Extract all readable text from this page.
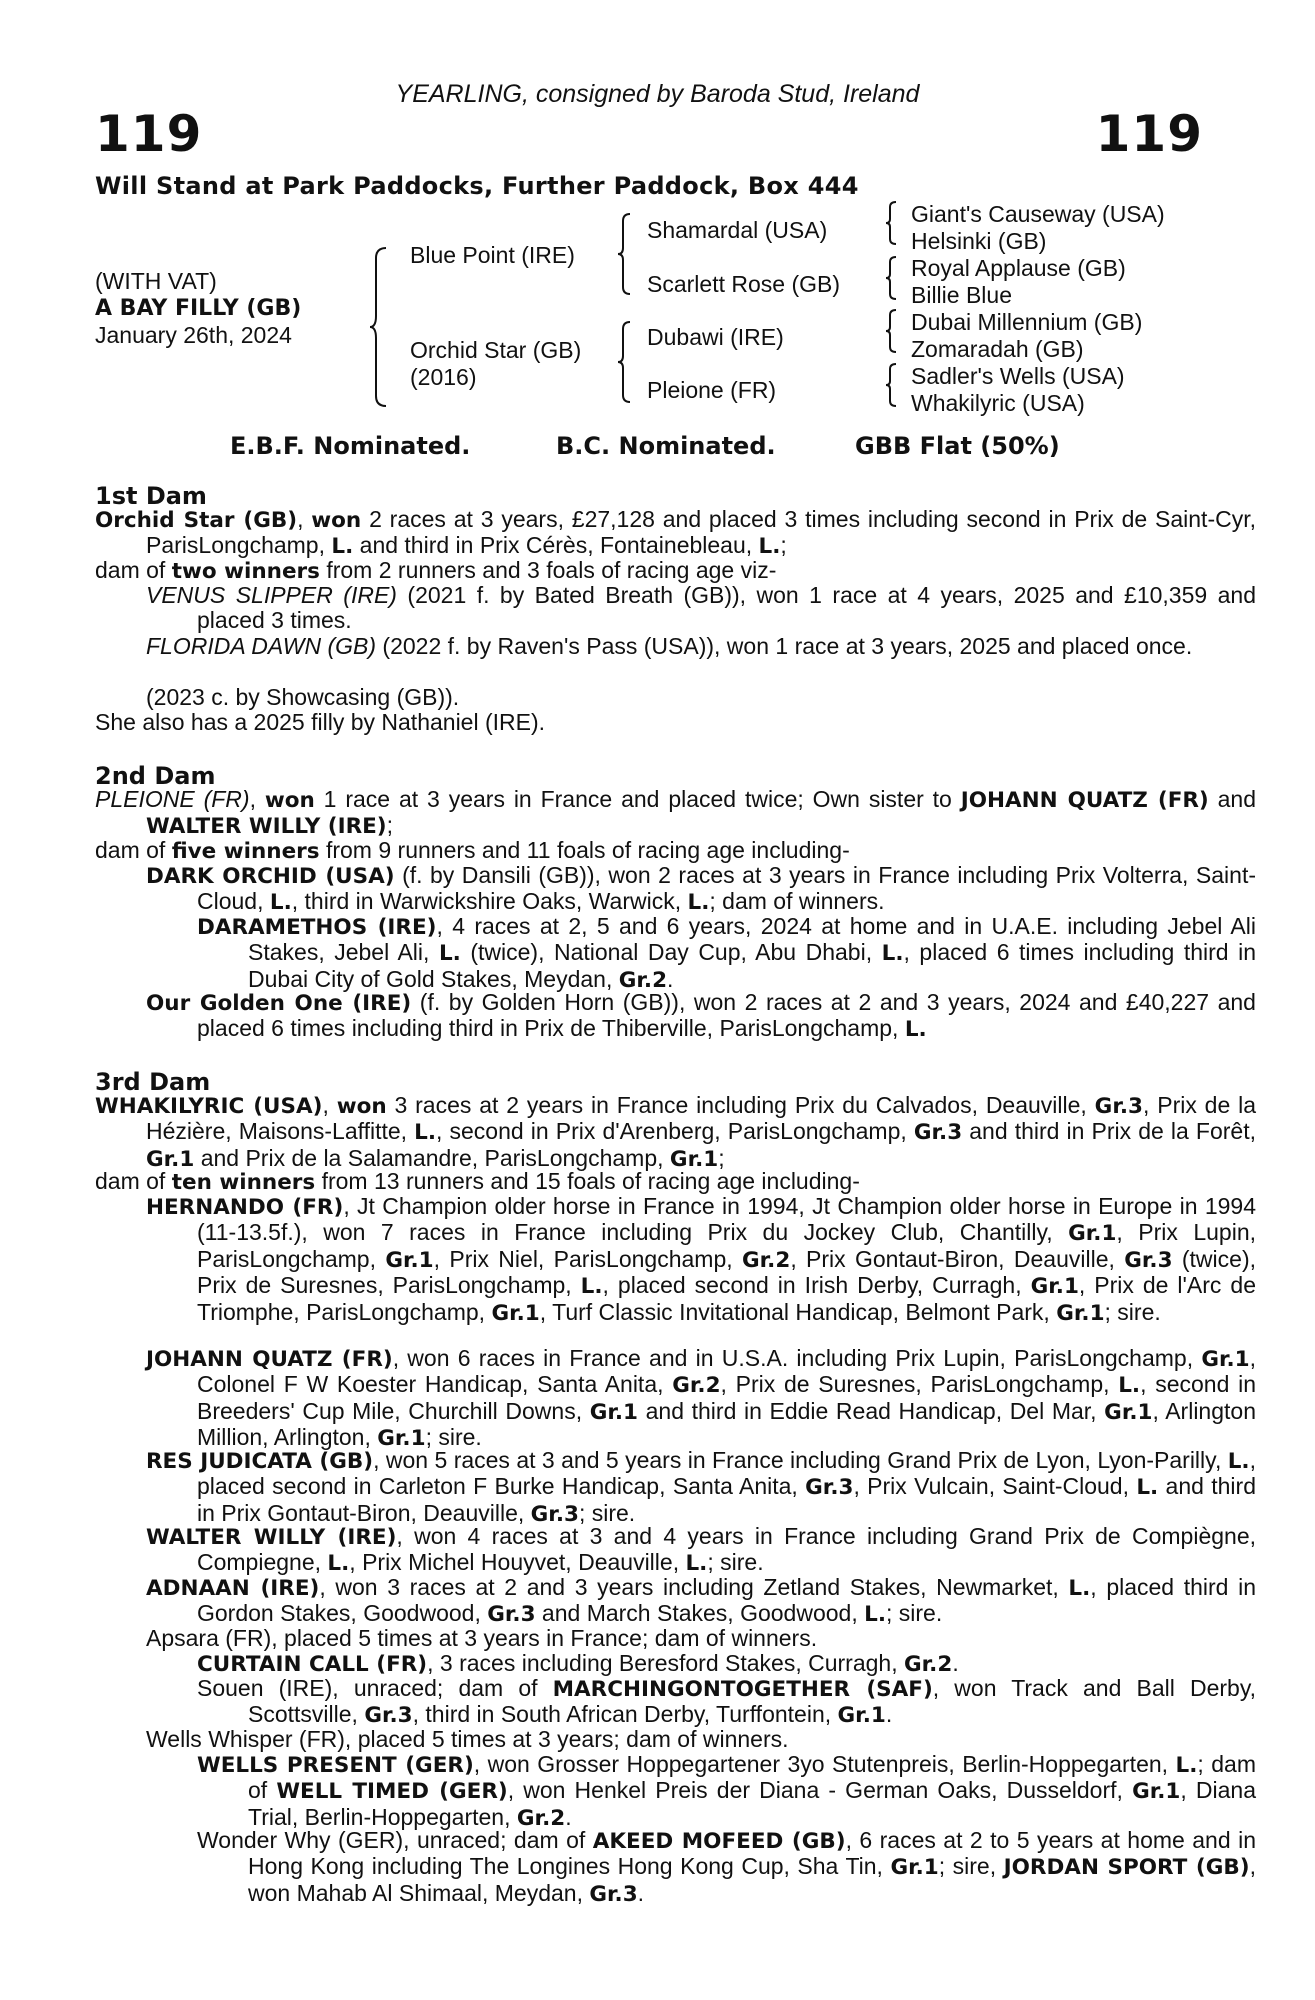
YEARLING, consigned by Baroda Stud, Ireland
119	119
Will Stand at Park Paddocks, Further Paddock, Box 444
(WITH VAT)
A BAY FILLY (GB)
January 26th, 2024
Blue Point (IRE)
Orchid Star (GB)
(2016)
Shamardal (USA)
Scarlett Rose (GB)
Dubawi (IRE)
Pleione (FR)
Giant's Causeway (USA)
Helsinki (GB)
Royal Applause (GB)
Billie Blue
Dubai Millennium (GB)
Zomaradah (GB)
Sadler's Wells (USA)
Whakilyric (USA)
E.B.F. Nominated.	B.C. Nominated.	GBB Flat (50%)
1st Dam
Orchid Star (GB), won 2 races at 3 years, £27,128 and placed 3 times including second in Prix de Saint-Cyr, ParisLongchamp, L. and third in Prix Cérès, Fontainebleau, L.;
dam of two winners from 2 runners and 3 foals of racing age viz-
VENUS SLIPPER (IRE) (2021 f. by Bated Breath (GB)), won 1 race at 4 years, 2025 and £10,359 and placed 3 times.
FLORIDA DAWN (GB) (2022 f. by Raven's Pass (USA)), won 1 race at 3 years, 2025 and placed once.
(2023 c. by Showcasing (GB)).
She also has a 2025 filly by Nathaniel (IRE).
2nd Dam
PLEIONE (FR), won 1 race at 3 years in France and placed twice; Own sister to JOHANN QUATZ (FR) and WALTER WILLY (IRE);
dam of five winners from 9 runners and 11 foals of racing age including-
DARK ORCHID (USA) (f. by Dansili (GB)), won 2 races at 3 years in France including Prix Volterra, Saint-Cloud, L., third in Warwickshire Oaks, Warwick, L.; dam of winners.
DARAMETHOS (IRE), 4 races at 2, 5 and 6 years, 2024 at home and in U.A.E. including Jebel Ali Stakes, Jebel Ali, L. (twice), National Day Cup, Abu Dhabi, L., placed 6 times including third in Dubai City of Gold Stakes, Meydan, Gr.2.
Our Golden One (IRE) (f. by Golden Horn (GB)), won 2 races at 2 and 3 years, 2024 and £40,227 and placed 6 times including third in Prix de Thiberville, ParisLongchamp, L.
3rd Dam
WHAKILYRIC (USA), won 3 races at 2 years in France including Prix du Calvados, Deauville, Gr.3, Prix de la Hézière, Maisons-Laffitte, L., second in Prix d'Arenberg, ParisLongchamp, Gr.3 and third in Prix de la Forêt, Gr.1 and Prix de la Salamandre, ParisLongchamp, Gr.1;
dam of ten winners from 13 runners and 15 foals of racing age including-
HERNANDO (FR), Jt Champion older horse in France in 1994, Jt Champion older horse in Europe in 1994 (11-13.5f.), won 7 races in France including Prix du Jockey Club, Chantilly, Gr.1, Prix Lupin, ParisLongchamp, Gr.1, Prix Niel, ParisLongchamp, Gr.2, Prix Gontaut-Biron, Deauville, Gr.3 (twice), Prix de Suresnes, ParisLongchamp, L., placed second in Irish Derby, Curragh, Gr.1, Prix de l'Arc de Triomphe, ParisLongchamp, Gr.1, Turf Classic Invitational Handicap, Belmont Park, Gr.1; sire.
JOHANN QUATZ (FR), won 6 races in France and in U.S.A. including Prix Lupin, ParisLongchamp, Gr.1, Colonel F W Koester Handicap, Santa Anita, Gr.2, Prix de Suresnes, ParisLongchamp, L., second in Breeders' Cup Mile, Churchill Downs, Gr.1 and third in Eddie Read Handicap, Del Mar, Gr.1, Arlington Million, Arlington, Gr.1; sire.
RES JUDICATA (GB), won 5 races at 3 and 5 years in France including Grand Prix de Lyon, Lyon-Parilly, L., placed second in Carleton F Burke Handicap, Santa Anita, Gr.3, Prix Vulcain, Saint-Cloud, L. and third in Prix Gontaut-Biron, Deauville, Gr.3; sire.
WALTER WILLY (IRE), won 4 races at 3 and 4 years in France including Grand Prix de Compiègne, Compiegne, L., Prix Michel Houyvet, Deauville, L.; sire.
ADNAAN (IRE), won 3 races at 2 and 3 years including Zetland Stakes, Newmarket, L., placed third in Gordon Stakes, Goodwood, Gr.3 and March Stakes, Goodwood, L.; sire.
Apsara (FR), placed 5 times at 3 years in France; dam of winners.
CURTAIN CALL (FR), 3 races including Beresford Stakes, Curragh, Gr.2.
Souen (IRE), unraced; dam of MARCHINGONTOGETHER (SAF), won Track and Ball Derby, Scottsville, Gr.3, third in South African Derby, Turffontein, Gr.1.
Wells Whisper (FR), placed 5 times at 3 years; dam of winners.
WELLS PRESENT (GER), won Grosser Hoppegartener 3yo Stutenpreis, Berlin-Hoppegarten, L.; dam of WELL TIMED (GER), won Henkel Preis der Diana - German Oaks, Dusseldorf, Gr.1, Diana Trial, Berlin-Hoppegarten, Gr.2.
Wonder Why (GER), unraced; dam of AKEED MOFEED (GB), 6 races at 2 to 5 years at home and in Hong Kong including The Longines Hong Kong Cup, Sha Tin, Gr.1; sire, JORDAN SPORT (GB), won Mahab Al Shimaal, Meydan, Gr.3.
